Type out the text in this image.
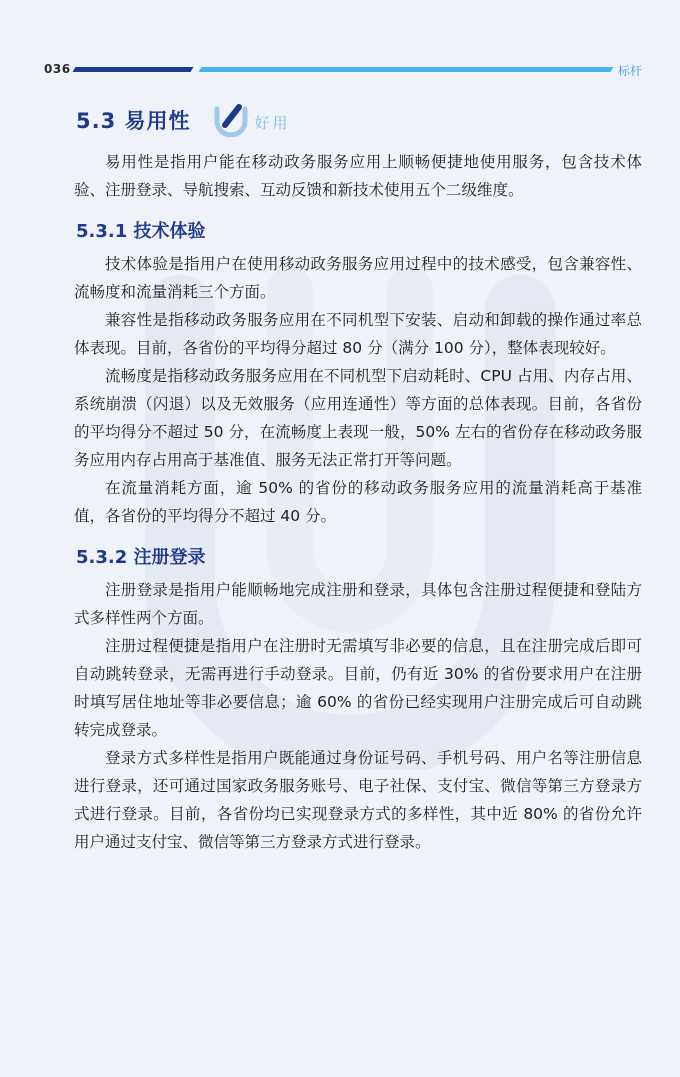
036	标杆
5.3 易用性	好用

易用性是指用户能在移动政务服务应用上顺畅便捷地使用服务，包含技术体验、注册登录、导航搜索、互动反馈和新技术使用五个二级维度。

5.3.1 技术体验

技术体验是指用户在使用移动政务服务应用过程中的技术感受，包含兼容性、流畅度和流量消耗三个方面。

兼容性是指移动政务服务应用在不同机型下安装、启动和卸载的操作通过率总体表现。目前，各省份的平均得分超过 80 分（满分 100 分），整体表现较好。

流畅度是指移动政务服务应用在不同机型下启动耗时、CPU 占用、内存占用、系统崩溃（闪退）以及无效服务（应用连通性）等方面的总体表现。目前，各省份的平均得分不超过 50 分，在流畅度上表现一般，50% 左右的省份存在移动政务服务应用内存占用高于基准值、服务无法正常打开等问题。

在流量消耗方面，逾 50% 的省份的移动政务服务应用的流量消耗高于基准值，各省份的平均得分不超过 40 分。

5.3.2 注册登录

注册登录是指用户能顺畅地完成注册和登录，具体包含注册过程便捷和登陆方式多样性两个方面。

注册过程便捷是指用户在注册时无需填写非必要的信息，且在注册完成后即可自动跳转登录，无需再进行手动登录。目前，仍有近 30% 的省份要求用户在注册时填写居住地址等非必要信息；逾 60% 的省份已经实现用户注册完成后可自动跳转完成登录。

登录方式多样性是指用户既能通过身份证号码、手机号码、用户名等注册信息进行登录，还可通过国家政务服务账号、电子社保、支付宝、微信等第三方登录方式进行登录。目前，各省份均已实现登录方式的多样性，其中近 80% 的省份允许用户通过支付宝、微信等第三方登录方式进行登录。
